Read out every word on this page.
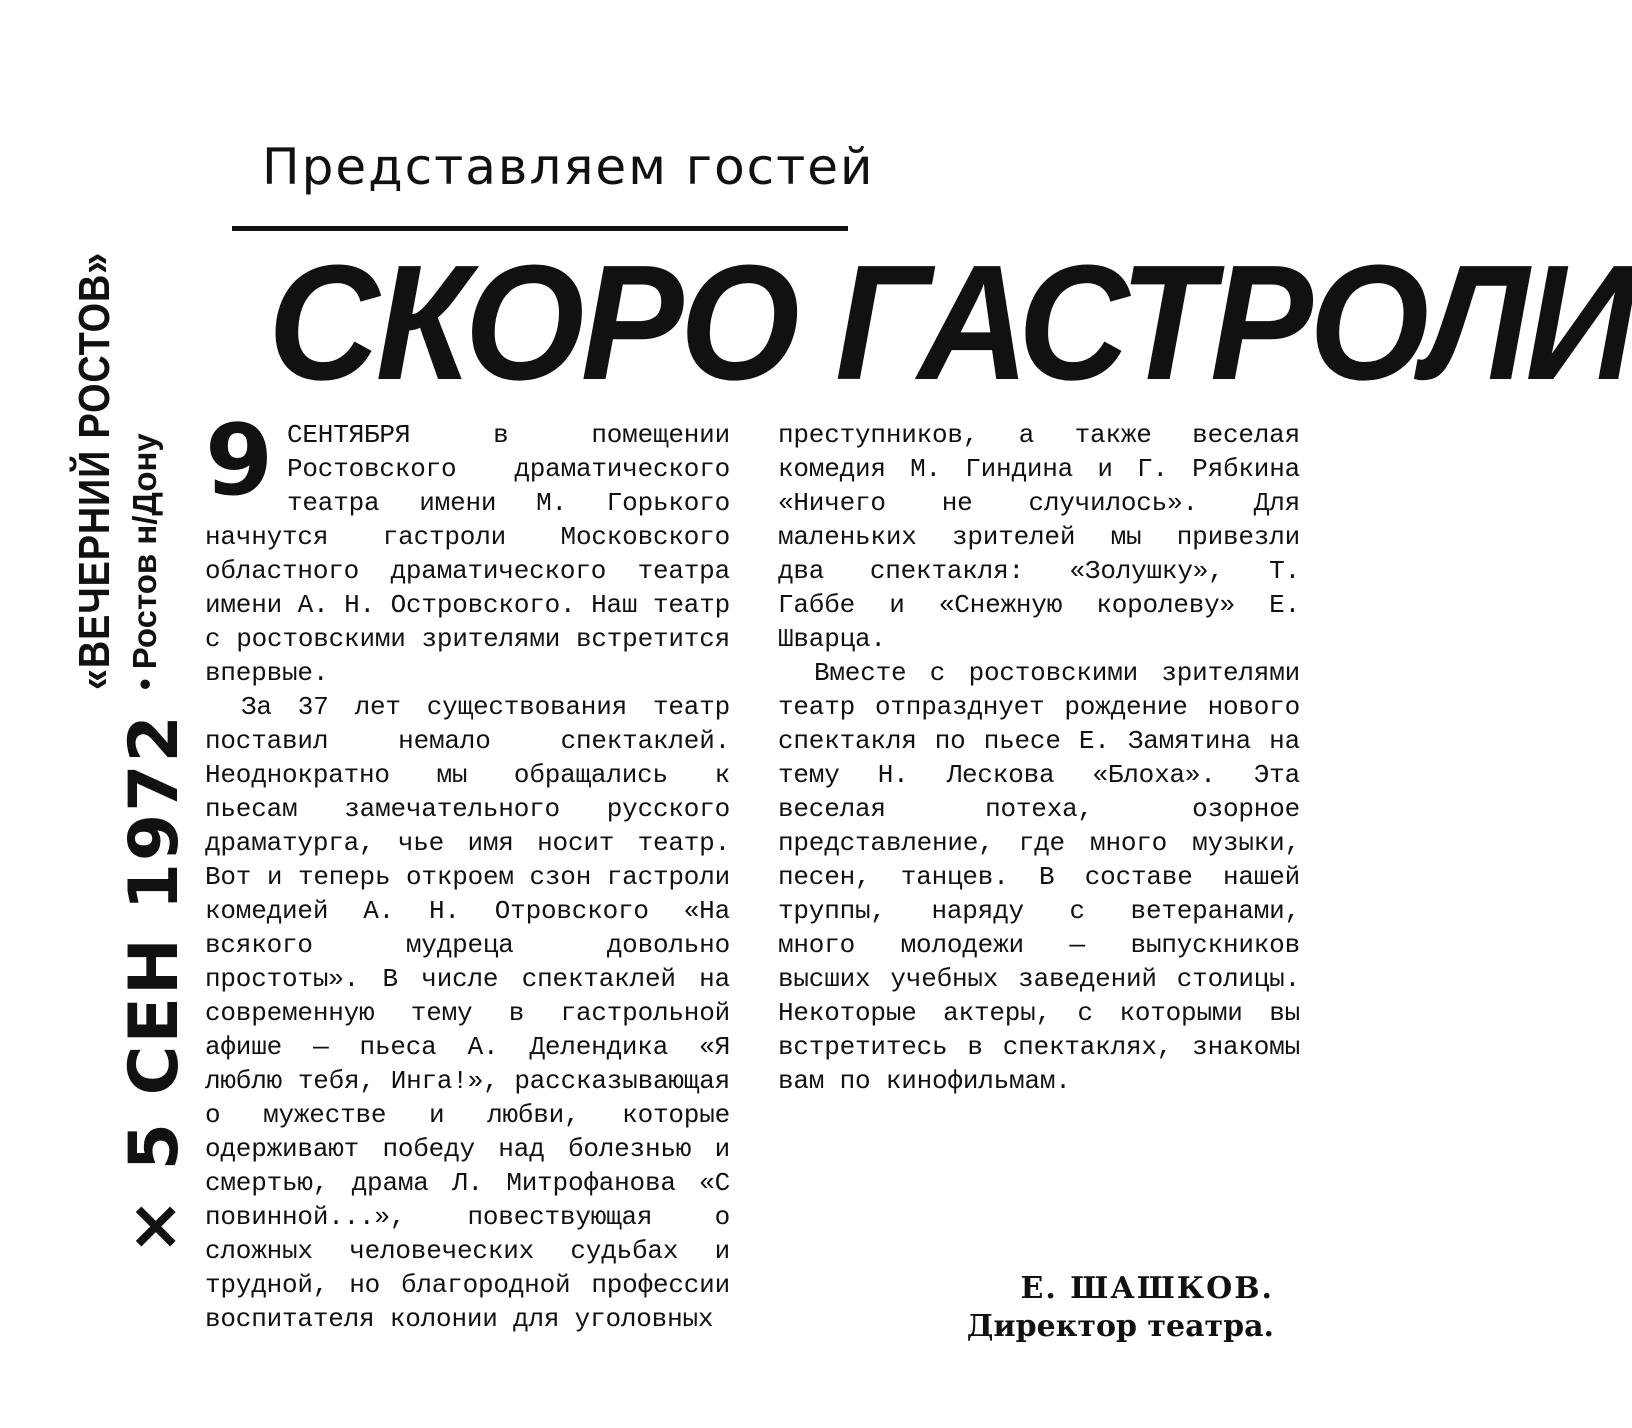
«ВЕЧЕРНИЙ РОСТОВ» • Ростов н/Дону
× 5 СЕН 1972
Представляем гостей
СКОРО ГАСТРОЛИ
9 СЕНТЯБРЯ в помещении Ростовского драматического театра имени М. Горького начнутся гастроли Московского областного драматического театра имени А. Н. Островского. Наш театр с ростовскими зрителями встретится впервые.

За 37 лет существования театр поставил немало спектаклей. Неоднократно мы обращались к пьесам замечательного русского драматурга, чье имя носит театр. Вот и теперь откроем сзон гастроли комедией А. Н. Отровского «На всякого мудреца довольно простоты». В числе спектаклей на современную тему в гастрольной афише — пьеса А. Делендика «Я люблю тебя, Инга!», рассказывающая о мужестве и любви, которые одерживают победу над болезнью и смертью, драма Л. Митрофанова «С повинной...», повествующая о сложных человеческих судьбах и трудной, но благородной профессии воспитателя колонии для уголовных

преступников, а также веселая комедия М. Гиндина и Г. Рябкина «Ничего не случилось». Для маленьких зрителей мы привезли два спектакля: «Золушку», Т. Габбе и «Снежную королеву» Е. Шварца.

Вместе с ростовскими зрителями театр отпразднует рождение нового спектакля по пьесе Е. Замятина на тему Н. Лескова «Блоха». Эта веселая потеха, озорное представление, где много музыки, песен, танцев. В составе нашей труппы, наряду с ветеранами, много молодежи — выпускников высших учебных заведений столицы. Некоторые актеры, с которыми вы встретитесь в спектаклях, знакомы вам по кинофильмам.

Е. ШАШКОВ.
Директор театра.
